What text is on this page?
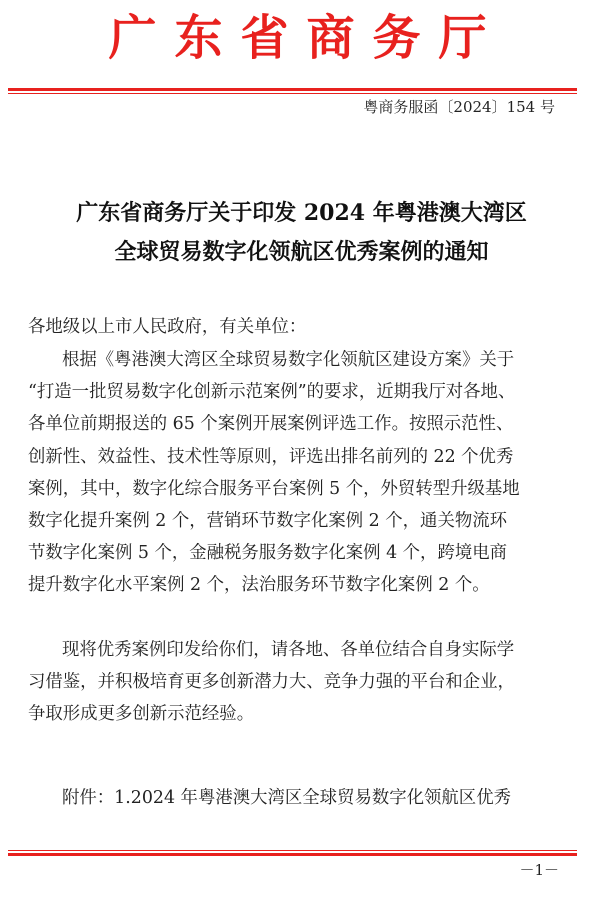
广东省商务厅
粤商务服函〔2024〕154 号
广东省商务厅关于印发 2024 年粤港澳大湾区
全球贸易数字化领航区优秀案例的通知
各地级以上市人民政府，有关单位：
根据《粤港澳大湾区全球贸易数字化领航区建设方案》关于
“打造一批贸易数字化创新示范案例”的要求，近期我厅对各地、
各单位前期报送的 65 个案例开展案例评选工作。按照示范性、
创新性、效益性、技术性等原则，评选出排名前列的 22 个优秀
案例，其中，数字化综合服务平台案例 5 个，外贸转型升级基地
数字化提升案例 2 个，营销环节数字化案例 2 个，通关物流环
节数字化案例 5 个，金融税务服务数字化案例 4 个，跨境电商
提升数字化水平案例 2 个，法治服务环节数字化案例 2 个。
现将优秀案例印发给你们，请各地、各单位结合自身实际学
习借鉴，并积极培育更多创新潜力大、竞争力强的平台和企业，
争取形成更多创新示范经验。
附件：1.2024 年粤港澳大湾区全球贸易数字化领航区优秀
－1－
